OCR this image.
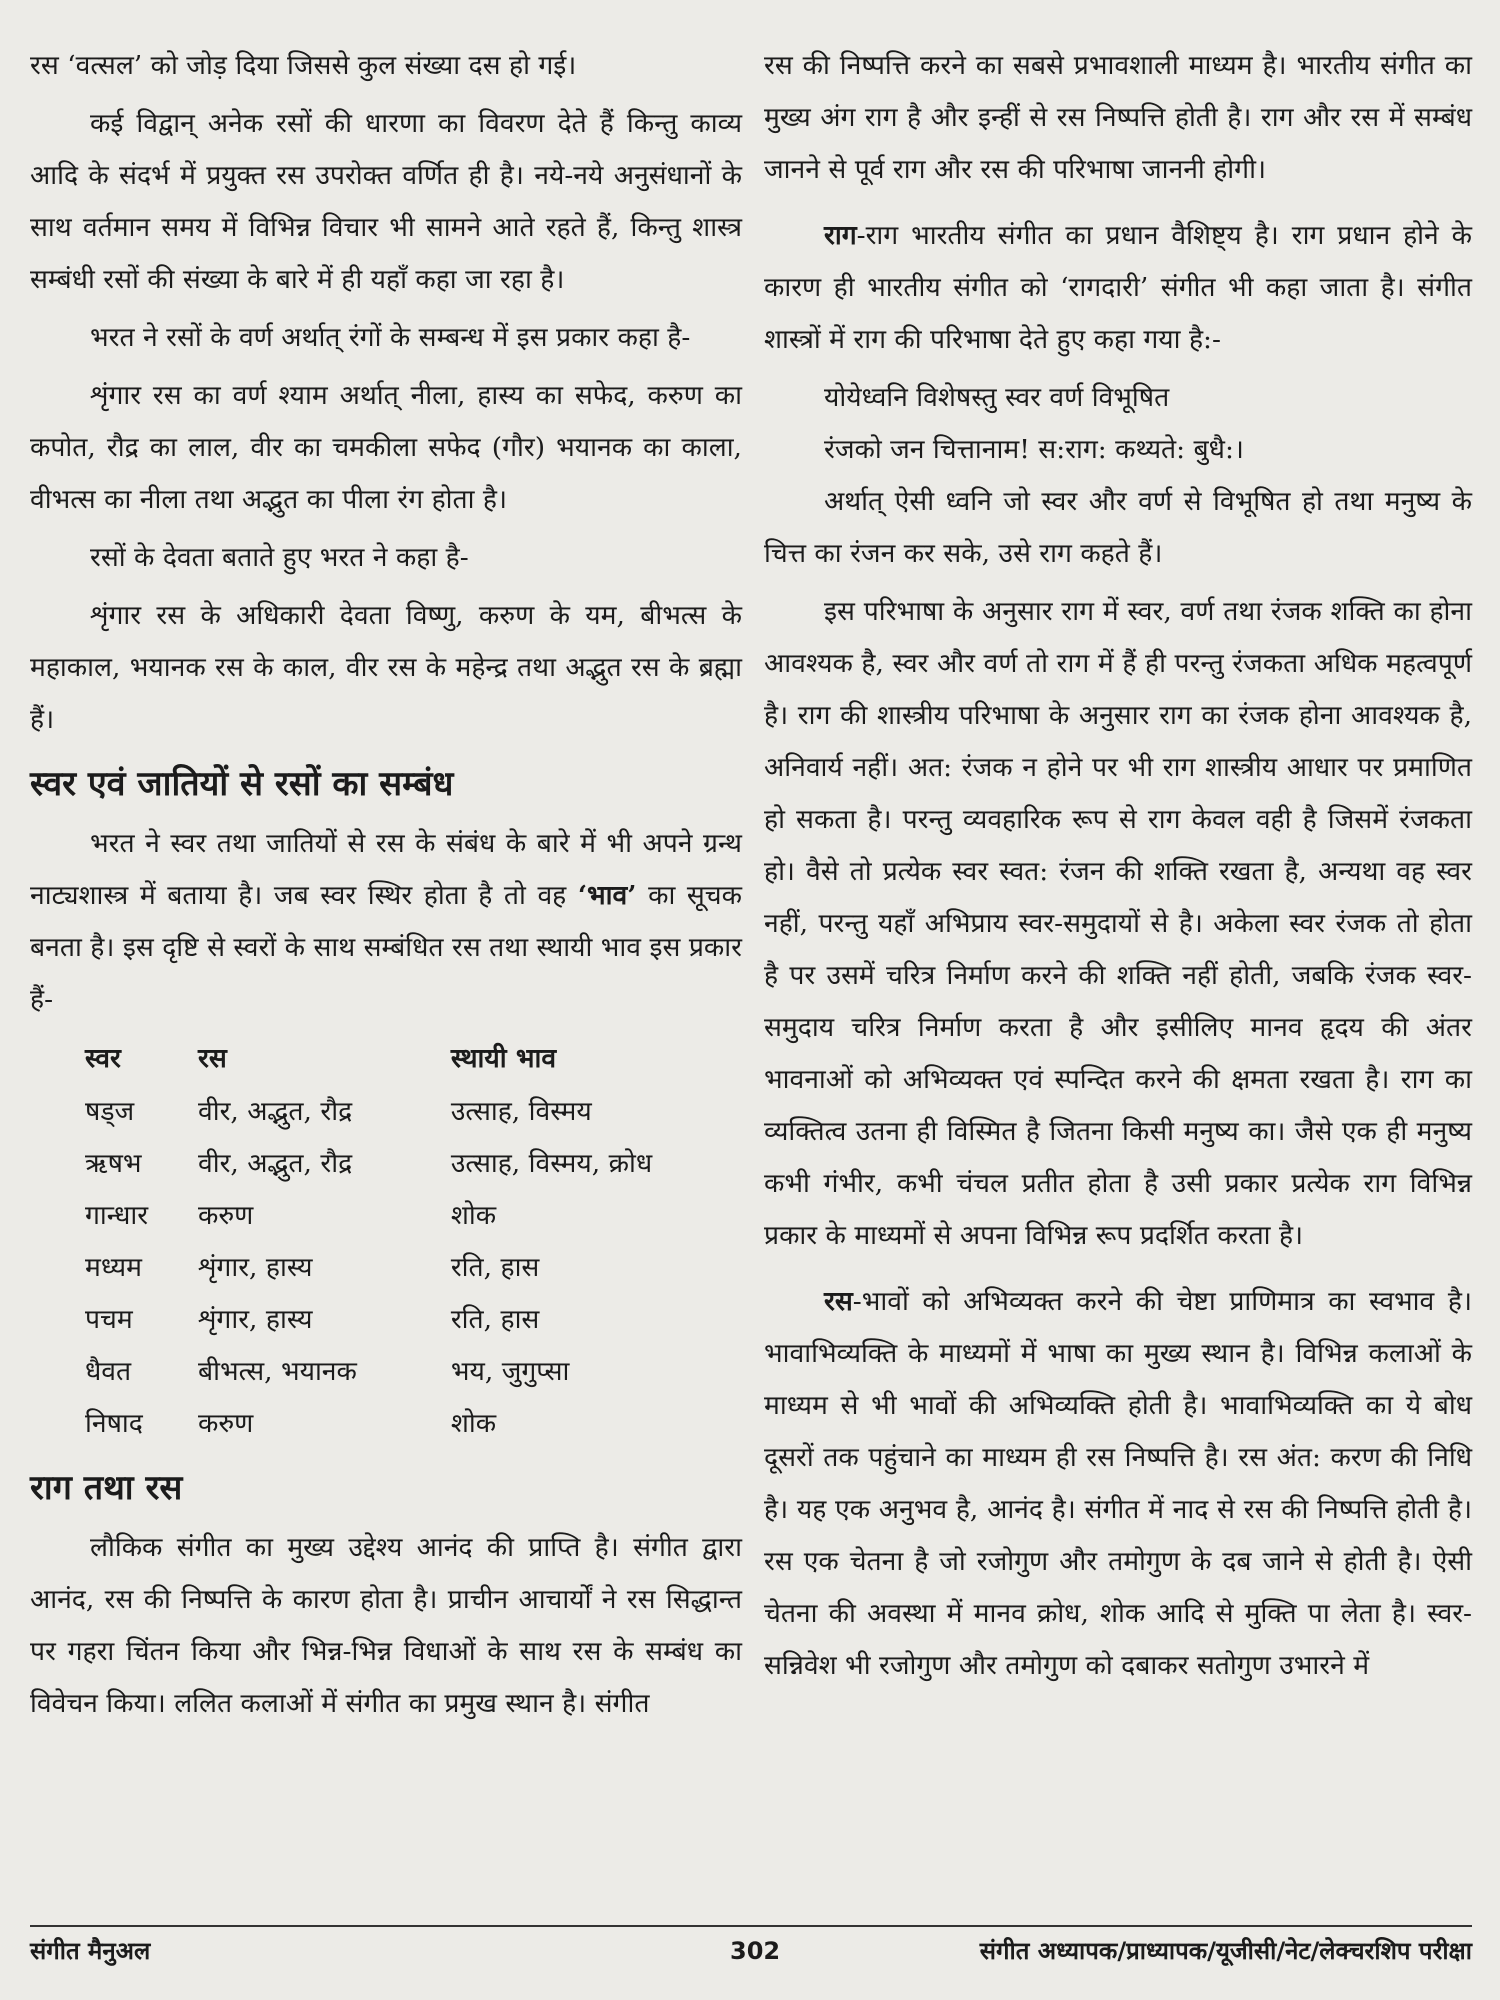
रस ‘वत्सल’ को जोड़ दिया जिससे कुल संख्या दस हो गई।

कई विद्वान् अनेक रसों की धारणा का विवरण देते हैं किन्तु काव्य आदि के संदर्भ में प्रयुक्त रस उपरोक्त वर्णित ही है। नये-नये अनुसंधानों के साथ वर्तमान समय में विभिन्न विचार भी सामने आते रहते हैं, किन्तु शास्त्र सम्बंधी रसों की संख्या के बारे में ही यहाँ कहा जा रहा है।

भरत ने रसों के वर्ण अर्थात् रंगों के सम्बन्ध में इस प्रकार कहा है-

शृंगार रस का वर्ण श्याम अर्थात् नीला, हास्य का सफेद, करुण का कपोत, रौद्र का लाल, वीर का चमकीला सफेद (गौर) भयानक का काला, वीभत्स का नीला तथा अद्भुत का पीला रंग होता है।

रसों के देवता बताते हुए भरत ने कहा है-

शृंगार रस के अधिकारी देवता विष्णु, करुण के यम, बीभत्स के महाकाल, भयानक रस के काल, वीर रस के महेन्द्र तथा अद्भुत रस के ब्रह्मा हैं।

स्वर एवं जातियों से रसों का सम्बंध

भरत ने स्वर तथा जातियों से रस के संबंध के बारे में भी अपने ग्रन्थ नाट्यशास्त्र में बताया है। जब स्वर स्थिर होता है तो वह ‘भाव’ का सूचक बनता है। इस दृष्टि से स्वरों के साथ सम्बंधित रस तथा स्थायी भाव इस प्रकार हैं-

स्वर	रस	स्थायी भाव
षड्ज	वीर, अद्भुत, रौद्र	उत्साह, विस्मय
ऋषभ	वीर, अद्भुत, रौद्र	उत्साह, विस्मय, क्रोध
गान्धार	करुण	शोक
मध्यम	शृंगार, हास्य	रति, हास
पचम	शृंगार, हास्य	रति, हास
धैवत	बीभत्स, भयानक	भय, जुगुप्सा
निषाद	करुण	शोक
राग तथा रस

लौकिक संगीत का मुख्य उद्देश्य आनंद की प्राप्ति है। संगीत द्वारा आनंद, रस की निष्पत्ति के कारण होता है। प्राचीन आचार्यों ने रस सिद्धान्त पर गहरा चिंतन किया और भिन्न-भिन्न विधाओं के साथ रस के सम्बंध का विवेचन किया। ललित कलाओं में संगीत का प्रमुख स्थान है। संगीत

रस की निष्पत्ति करने का सबसे प्रभावशाली माध्यम है। भारतीय संगीत का मुख्य अंग राग है और इन्हीं से रस निष्पत्ति होती है। राग और रस में सम्बंध जानने से पूर्व राग और रस की परिभाषा जाननी होगी।

राग-राग भारतीय संगीत का प्रधान वैशिष्ट्य है। राग प्रधान होने के कारण ही भारतीय संगीत को ‘रागदारी’ संगीत भी कहा जाता है। संगीत शास्त्रों में राग की परिभाषा देते हुए कहा गया है:-

योयेध्वनि विशेषस्तु स्वर वर्ण विभूषित

रंजको जन चित्तानाम! स:राग: कथ्यते: बुधै:।

अर्थात् ऐसी ध्वनि जो स्वर और वर्ण से विभूषित हो तथा मनुष्य के चित्त का रंजन कर सके, उसे राग कहते हैं।

इस परिभाषा के अनुसार राग में स्वर, वर्ण तथा रंजक शक्ति का होना आवश्यक है, स्वर और वर्ण तो राग में हैं ही परन्तु रंजकता अधिक महत्वपूर्ण है। राग की शास्त्रीय परिभाषा के अनुसार राग का रंजक होना आवश्यक है, अनिवार्य नहीं। अत: रंजक न होने पर भी राग शास्त्रीय आधार पर प्रमाणित हो सकता है। परन्तु व्यवहारिक रूप से राग केवल वही है जिसमें रंजकता हो। वैसे तो प्रत्येक स्वर स्वत: रंजन की शक्ति रखता है, अन्यथा वह स्वर नहीं, परन्तु यहाँ अभिप्राय स्वर-समुदायों से है। अकेला स्वर रंजक तो होता है पर उसमें चरित्र निर्माण करने की शक्ति नहीं होती, जबकि रंजक स्वर-समुदाय चरित्र निर्माण करता है और इसीलिए मानव हृदय की अंतर भावनाओं को अभिव्यक्त एवं स्पन्दित करने की क्षमता रखता है। राग का व्यक्तित्व उतना ही विस्मित है जितना किसी मनुष्य का। जैसे एक ही मनुष्य कभी गंभीर, कभी चंचल प्रतीत होता है उसी प्रकार प्रत्येक राग विभिन्न प्रकार के माध्यमों से अपना विभिन्न रूप प्रदर्शित करता है।

रस-भावों को अभिव्यक्त करने की चेष्टा प्राणिमात्र का स्वभाव है। भावाभिव्यक्ति के माध्यमों में भाषा का मुख्य स्थान है। विभिन्न कलाओं के माध्यम से भी भावों की अभिव्यक्ति होती है। भावाभिव्यक्ति का ये बोध दूसरों तक पहुंचाने का माध्यम ही रस निष्पत्ति है। रस अंत: करण की निधि है। यह एक अनुभव है, आनंद है। संगीत में नाद से रस की निष्पत्ति होती है। रस एक चेतना है जो रजोगुण और तमोगुण के दब जाने से होती है। ऐसी चेतना की अवस्था में मानव क्रोध, शोक आदि से मुक्ति पा लेता है। स्वर-सन्निवेश भी रजोगुण और तमोगुण को दबाकर सतोगुण उभारने में

संगीत मैनुअल	302	संगीत अध्यापक/प्राध्यापक/यूजीसी/नेट/लेक्चरशिप परीक्षा
